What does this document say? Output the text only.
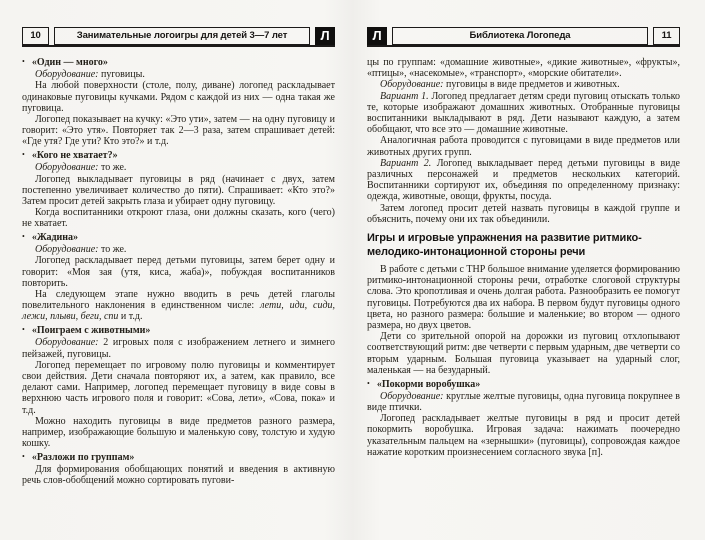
10	Занимательные логоигры для детей 3—7 лет	Л
• «Один — много»

Оборудование: пуговицы.

На любой поверхности (столе, полу, диване) логопед раскладывает одинаковые пуговицы кучками. Рядом с каждой из них — одна такая же пуговица.

Логопед показывает на кучку: «Это ути», затем — на одну пуговицу и говорит: «Это утя». Повторяет так 2—3 раза, затем спрашивает детей: «Где утя? Где ути? Кто это?» и т.д.

• «Кого не хватает?»

Оборудование: то же.

Логопед выкладывает пуговицы в ряд (начинает с двух, затем постепенно увеличивает количество до пяти). Спрашивает: «Кто это?» Затем просит детей закрыть глаза и убирает одну пуговицу.

Когда воспитанники откроют глаза, они должны сказать, кого (чего) не хватает.

• «Жадина»

Оборудование: то же.

Логопед раскладывает перед детьми пуговицы, затем берет одну и говорит: «Моя зая (утя, киса, жаба)», побуждая воспитанников повторить.

На следующем этапе нужно вводить в речь детей глаголы повелительного наклонения в единственном числе: лети, иди, сиди, лежи, плыви, беги, спи и т.д.

• «Поиграем с животными»

Оборудование: 2 игровых поля с изображением летнего и зимнего пейзажей, пуговицы.

Логопед перемещает по игровому полю пуговицы и комментирует свои действия. Дети сначала повторяют их, а затем, как правило, все делают сами. Например, логопед перемещает пуговицу в виде совы в верхнюю часть игрового поля и говорит: «Сова, лети», «Сова, пока» и т.д.

Можно находить пуговицы в виде предметов разного размера, например, изображающие большую и маленькую сову, толстую и худую кошку.

• «Разложи по группам»

Для формирования обобщающих понятий и введения в активную речь слов-обобщений можно сортировать пугови-

Л	Библиотека Логопеда	11

цы по группам: «домашние животные», «дикие животные», «фрукты», «птицы», «насекомые», «транспорт», «морские обитатели».

Оборудование: пуговицы в виде предметов и животных.

Вариант 1. Логопед предлагает детям среди пуговиц отыскать только те, которые изображают домашних животных. Отобранные пуговицы воспитанники выкладывают в ряд. Дети называют каждую, а затем обобщают, что все это — домашние животные.

Аналогичная работа проводится с пуговицами в виде предметов или животных других групп.

Вариант 2. Логопед выкладывает перед детьми пуговицы в виде различных персонажей и предметов нескольких категорий. Воспитанники сортируют их, объединяя по определенному признаку: одежда, животные, овощи, фрукты, посуда.

Затем логопед просит детей назвать пуговицы в каждой группе и объяснить, почему они их так объединили.

Игры и игровые упражнения на развитие ритмико-мелодико-интонационной стороны речи

В работе с детьми с ТНР большое внимание уделяется формированию ритмико-интонационной стороны речи, отработке слоговой структуры слова. Это кропотливая и очень долгая работа. Разнообразить ее помогут пуговицы. Потребуются два их набора. В первом будут пуговицы одного цвета, но разного размера: большие и маленькие; во втором — одного размера, но двух цветов.

Дети со зрительной опорой на дорожки из пуговиц отхлопывают соответствующий ритм: две четверти с первым ударным, две четверти со вторым ударным. Большая пуговица указывает на ударный слог, маленькая — на безударный.

• «Покорми воробушка»

Оборудование: круглые желтые пуговицы, одна пуговица покрупнее в виде птички.

Логопед раскладывает желтые пуговицы в ряд и просит детей покормить воробушка. Игровая задача: нажимать поочередно указательным пальцем на «зернышки» (пуговицы), сопровождая каждое нажатие коротким произнесением согласного звука [п].
